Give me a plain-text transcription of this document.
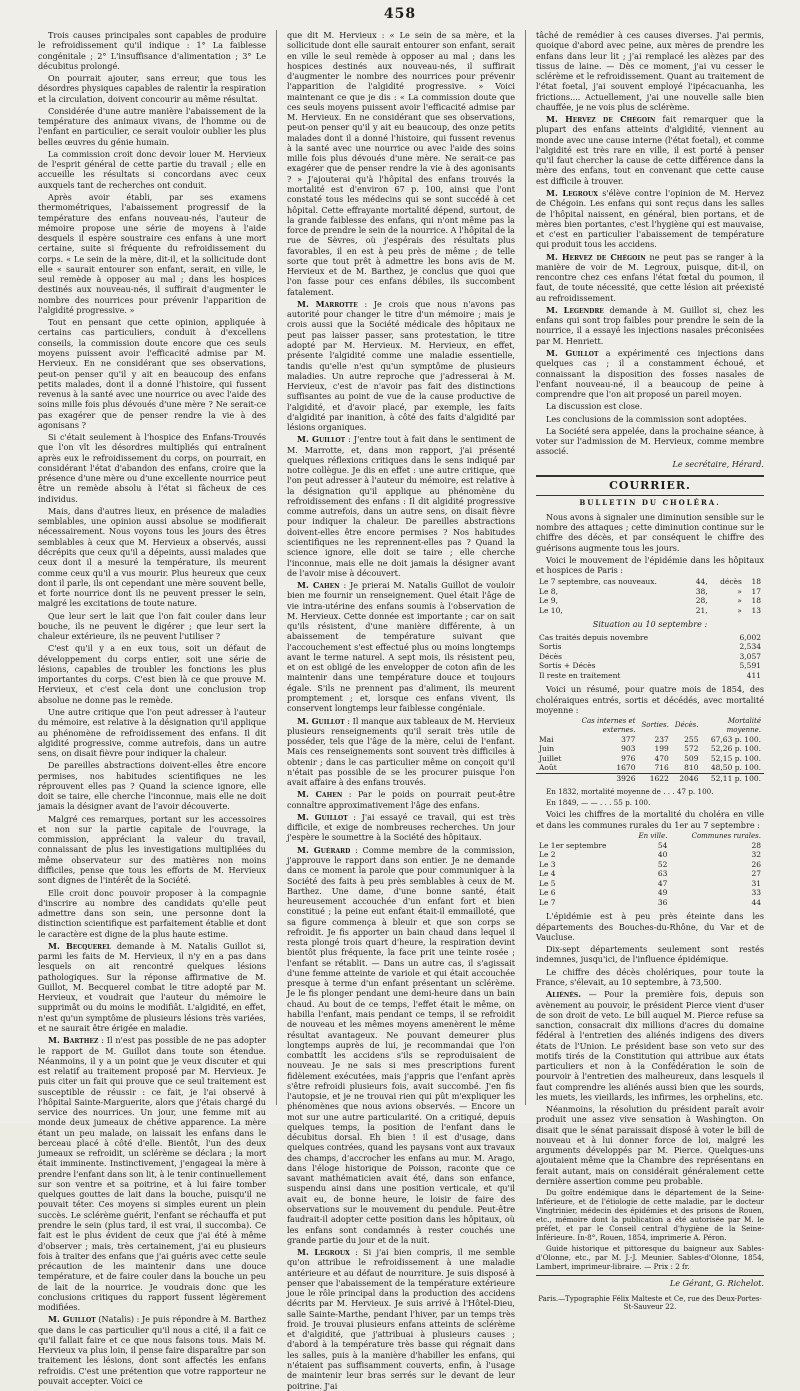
458

Trois causes principales sont capables de produire le refroidissement qu'il indique : 1° La faiblesse congénitale ; 2° L'insuffisance d'alimentation ; 3° Le décubitus prolongé.

On pourrait ajouter, sans erreur, que tous les désordres physiques capables de ralentir la respiration et la circulation, doivent concourir au même résultat.

Considérée d'une autre manière l'abaissement de la température des animaux vivans, de l'homme ou de l'enfant en particulier, ce serait vouloir oublier les plus belles œuvres du génie humain.

La commission croit donc devoir louer M. Hervieux de l'esprit général de cette partie du travail ; elle en accueille les résultats si concordans avec ceux auxquels tant de recherches ont conduit.

Après avoir établi, par ses examens thermométriques, l'abaissement progressif de la température des enfans nouveau-nés, l'auteur de mémoire propose une série de moyens à l'aide desquels il espère soustraire ces enfans à une mort certaine, suite si fréquente du refroidissement du corps. « Le sein de la mère, dit-il, et la sollicitude dont elle « saurait entourer son enfant, serait, en ville, le seul remède à opposer au mal ; dans les hospices destinés aux nouveau-nés, il suffirait d'augmenter le nombre des nourrices pour prévenir l'apparition de l'algidité progressive. »

Tout en pensant que cette opinion, appliquée à certains cas particuliers, conduit à d'excellens conseils, la commission doute encore que ces seuls moyens puissent avoir l'efficacité admise par M. Hervieux. En ne considérant que ses observations, peut-on penser qu'il y ait en beaucoup des enfans petits malades, dont il a donné l'histoire, qui fussent revenus à la santé avec une nourrice ou avec l'aide des soins mille fois plus dévoués d'une mère ? Ne serait-ce pas exagérer que de penser rendre la vie à des agonisans ?

Si c'était seulement à l'hospice des Enfans-Trouvés que l'on vît les désordres multipliés qui entraînent après eux le refroidissement du corps, on pourrait, en considérant l'état d'abandon des enfans, croire que la présence d'une mère ou d'une excellente nourrice peut être un remède absolu à l'état si fâcheux de ces individus.

Mais, dans d'autres lieux, en présence de maladies semblables, une opinion aussi absolue se modifierait nécessairement. Nous voyons tous les jours des êtres semblables à ceux que M. Hervieux a observés, aussi décrépits que ceux qu'il a dépeints, aussi malades que ceux dont il a mesuré la température, ils meurent comme ceux qu'il a vus mourir. Plus heureux que ceux dont il parle, ils ont cependant une mère souvent belle, et forte nourrice dont ils ne peuvent presser le sein, malgré les excitations de toute nature.

Que leur sert le lait que l'on fait couler dans leur bouche, ils ne peuvent le digérer ; que leur sert la chaleur extérieure, ils ne peuvent l'utiliser ?

C'est qu'il y a en eux tous, soit un défaut de développement du corps entier, soit une série de lésions, capables de troubler les fonctions les plus importantes du corps. C'est bien là ce que prouve M. Hervieux, et c'est cela dont une conclusion trop absolue ne donne pas le remède.

Une autre critique que l'on peut adresser à l'auteur du mémoire, est relative à la désignation qu'il applique au phénomène de refroidissement des enfans. Il dit algidité progressive, comme autrefois, dans un autre sens, on disait fièvre pour indiquer la chaleur.

De pareilles abstractions doivent-elles être encore permises, nos habitudes scientifiques ne les réprouvent elles pas ? Quand la science ignore, elle doit se taire, elle cherche l'inconnue, mais elle ne doit jamais la désigner avant de l'avoir découverte.

Malgré ces remarques, portant sur les accessoires et non sur la partie capitale de l'ouvrage, la commission, appréciant la valeur du travail, connaissant de plus les investigations multipliées du même observateur sur des matières non moins difficiles, pense que tous les efforts de M. Hervieux sont dignes de l'intérêt de la Société.

Elle croit donc pouvoir proposer à la compagnie d'inscrire au nombre des candidats qu'elle peut admettre dans son sein, une personne dont la distinction scientifique est parfaitement établie et dont le caractère est digne de la plus haute estime.

M. Becquerel demande à M. Natalis Guillot si, parmi les faits de M. Hervieux, il n'y en a pas dans lesquels on ait rencontré quelques lésions pathologiques. Sur la réponse affirmative de M. Guillot, M. Becquerel combat le titre adopté par M. Hervieux, et voudrait que l'auteur du mémoire le supprimât ou du moins le modifiât. L'algidité, en effet, n'est qu'un symptôme de plusieurs lésions très variées, et ne saurait être érigée en maladie.

M. Barthez : Il n'est pas possible de ne pas adopter le rapport de M. Guillot dans toute son étendue. Néanmoins, il y a un point que je veux discuter et qui est relatif au traitement proposé par M. Hervieux. Je puis citer un fait qui prouve que ce seul traitement est susceptible de réussir : ce fait, je l'ai observé à l'hôpital Sainte-Marguerite, alors que j'étais chargé du service des nourrices. Un jour, une femme mit au monde deux jumeaux de chétive apparence. La mère étant un peu malade, on laissait les enfans dans le berceau placé à côté d'elle. Bientôt, l'un des deux jumeaux se refroidit, un sclérème se déclara ; la mort était imminente. Instinctivement, j'engageai la mère à prendre l'enfant dans son lit, à le tenir continuellement sur son ventre et sa poitrine, et à lui faire tomber quelques gouttes de lait dans la bouche, puisqu'il ne pouvait téter. Ces moyens si simples eurent un plein succès. Le sclérème guérit, l'enfant se réchauffa et put prendre le sein (plus tard, il est vrai, il succomba). Ce fait est le plus évident de ceux que j'ai été à même d'observer ; mais, très certainement, j'ai eu plusieurs fois à traiter des enfans que j'ai guéris avec cette seule précaution de les maintenir dans une douce température, et de faire couler dans la bouche un peu de lait de la nourrice. Je voudrais donc que les conclusions critiques du rapport fussent légèrement modifiées.

M. Guillot (Natalis) : Je puis répondre à M. Barthez que dans le cas particulier qu'il nous a cité, il a fait ce qu'il fallait faire et ce que nous faisons tous. Mais M. Hervieux va plus loin, il pense faire disparaître par son traitement les lésions, dont sont affectés les enfans refroidis. C'est une prétention que votre rapporteur ne pouvait accepter. Voici ce

que dit M. Hervieux : « Le sein de sa mère, et la sollicitude dont elle saurait entourer son enfant, serait en ville le seul remède à opposer au mal ; dans les hospices destinés aux nouveau-nés, il suffirait d'augmenter le nombre des nourrices pour prévenir l'apparition de l'algidité progressive. » Voici maintenant ce que je dis : « La commission doute que ces seuls moyens puissent avoir l'efficacité admise par M. Hervieux. En ne considérant que ses observations, peut-on penser qu'il y ait eu beaucoup, des onze petits malades dont il a donné l'histoire, qui fussent revenus à la santé avec une nourrice ou avec l'aide des soins mille fois plus dévoués d'une mère. Ne serait-ce pas exagérer que de penser rendre la vie à des agonisants ? » J'ajouterai qu'à l'hôpital des enfans trouvés la mortalité est d'environ 67 p. 100, ainsi que l'ont constaté tous les médecins qui se sont succédé à cet hôpital. Cette effrayante mortalité dépend, surtout, de la grande faiblesse des enfans, qui n'ont même pas la force de prendre le sein de la nourrice. A l'hôpital de la rue de Sèvres, où j'espérais des résultats plus favorables, il en est à peu près de même ; de telle sorte que tout prêt à admettre les bons avis de M. Hervieux et de M. Barthez, je conclus que quoi que l'on fasse pour ces enfans débiles, ils succombent fatalement.

M. Marrotte : Je crois que nous n'avons pas autorité pour changer le titre d'un mémoire ; mais je crois aussi que la Société médicale des hôpitaux ne peut pas laisser passer, sans protestation, le titre adopté par M. Hervieux. M. Hervieux, en effet, présente l'algidité comme une maladie essentielle, tandis qu'elle n'est qu'un symptôme de plusieurs maladies. Un autre reproche que j'adresserai à M. Hervieux, c'est de n'avoir pas fait des distinctions suffisantes au point de vue de la cause productive de l'algidité, et d'avoir placé, par exemple, les faits d'algidité par inanition, à côté des faits d'algidité par lésions organiques.

M. Guillot : J'entre tout à fait dans le sentiment de M. Marrotte, et, dans mon rapport, j'ai présenté quelques réflexions critiques dans le sens indiqué par notre collègue. Je dis en effet : une autre critique, que l'on peut adresser à l'auteur du mémoire, est relative à la désignation qu'il applique au phénomène du refroidissement des enfans : Il dit algidité progressive comme autrefois, dans un autre sens, on disait fièvre pour indiquer la chaleur. De pareilles abstractions doivent-elles être encore permises ? Nos habitudes scientifiques ne les reprennent-elles pas ? Quand la science ignore, elle doit se taire ; elle cherche l'inconnue, mais elle ne doit jamais la désigner avant de l'avoir mise à découvert.

M. Cahen : Je prierai M. Natalis Guillot de vouloir bien me fournir un renseignement. Quel était l'âge de vie intra-utérine des enfans soumis à l'observation de M. Hervieux. Cette donnée est importante ; car on sait qu'ils résistent, d'une manière différente, à un abaissement de température suivant que l'accouchement s'est effectué plus ou moins longtemps avant le terme naturel. A sept mois, ils résistent peu, et on est obligé de les envelopper de coton afin de les maintenir dans une température douce et toujours égale. S'ils ne prennent pas d'aliment, ils meurent promptement ; et, lorsque ces enfans vivent, ils conservent longtemps leur faiblesse congéniale.

M. Guillot : Il manque aux tableaux de M. Hervieux plusieurs renseignements qu'il serait très utile de posséder, tels que l'âge de la mère, celui de l'enfant. Mais ces renseignements sont souvent très difficiles à obtenir ; dans le cas particulier même on conçoit qu'il n'était pas possible de se les procurer puisque l'on avait affaire à des enfans trouvés.

M. Cahen : Par le poids on pourrait peut-être connaître approximativement l'âge des enfans.

M. Guillot : J'ai essayé ce travail, qui est très difficile, et exige de nombreuses recherches. Un jour j'espère le soumettre à la Société des hôpitaux.

M. Guérard : Comme membre de la commission, j'approuve le rapport dans son entier. Je ne demande dans ce moment la parole que pour communiquer à la Société des faits à peu près semblables à ceux de M. Barthez. Une dame, d'une bonne santé, était heureusement accouchée d'un enfant fort et bien constitué ; la peine eut enfant était-il emmailloté, que sa figure commença à bleuir et que son corps se refroidit. Je fis apporter un bain chaud dans lequel il resta plongé trois quart d'heure, la respiration devint bientôt plus fréquente, la face prit une teinte rosée ; l'enfant se rétablit. — Dans un autre cas, il s'agissait d'une femme atteinte de variole et qui était accouchée presque à terme d'un enfant présentant un sclérème. Je le fis plonger pendant une demi-heure dans un bain chaud. Au bout de ce temps, l'effet était le même, on habilla l'enfant, mais pendant ce temps, il se refroidit de nouveau et les mêmes moyens amenèrent le même résultat avantageux. Ne pouvant demeurer plus longtemps auprès de lui, je recommandai que l'on combattît les accidens s'ils se reproduisaient de nouveau. Je ne sais si mes prescriptions furent fidèlement exécutées, mais j'appris que l'enfant après s'être refroidi plusieurs fois, avait succombé. J'en fis l'autopsie, et je ne trouvai rien qui pût m'expliquer les phénomènes que nous avions observés. — Encore un mot sur une autre particularité. On a critiqué, depuis quelques temps, la position de l'enfant dans le décubitus dorsal. Eh bien ! il est d'usage, dans quelques contrées, quand les paysans vont aux travaux des champs, d'accrocher les enfans au mur. M. Arago, dans l'éloge historique de Poisson, raconte que ce savant mathématicien avait été, dans son enfance, suspendu ainsi dans une position verticale, et qu'il avait eu, de bonne heure, le loisir de faire des observations sur le mouvement du pendule. Peut-être faudrait-il adopter cette position dans les hôpitaux, où les enfans sont condamnés à rester couchés une grande partie du jour et de la nuit.

M. Legroux : Si j'ai bien compris, il me semble qu'on attribue le refroidissement à une maladie antérieure et au défaut de nourriture. Je suis disposé à penser que l'abaissement de la température extérieure joue le rôle principal dans la production des accidens décrits par M. Hervieux. Je suis arrivé à l'Hôtel-Dieu, salle Sainte-Marthe, pendant l'hiver, par un temps très froid. Je trouvai plusieurs enfans atteints de sclérème et d'algidité, que j'attribuai à plusieurs causes ; d'abord à la température très basse qui régnait dans les salles, puis à la manière d'habiller les enfans, qui n'étaient pas suffisamment couverts, enfin, à l'usage de maintenir leur bras serrés sur le devant de leur poitrine. J'ai

tâché de remédier à ces causes diverses. J'ai permis, quoique d'abord avec peine, aux mères de prendre les enfans dans leur lit ; j'ai remplacé les alèzes par des tissus de laine. — Dès ce moment, j'ai vu cesser le sclérème et le refroidissement. Quant au traitement de l'état foetal, j'ai souvent employé l'ipécacuanha, les frictions.... Actuellement, j'ai une nouvelle salle bien chauffée, je ne vois plus de sclérème.

M. Hervez de Chégoin fait remarquer que la plupart des enfans atteints d'algidité, viennent au monde avec une cause interne (l'état foetal), et comme l'algidité est très rare en ville, il est porté à penser qu'il faut chercher la cause de cette différence dans la mère des enfans, tout en convenant que cette cause est difficile à trouver.

M. Legroux s'élève contre l'opinion de M. Hervez de Chégoin. Les enfans qui sont reçus dans les salles de l'hôpital naissent, en général, bien portans, et de mères bien portantes, c'est l'hygiène qui est mauvaise, et c'est en particulier l'abaissement de température qui produit tous les accidens.

M. Hervez de Chégoin ne peut pas se ranger à la manière de voir de M. Legroux, puisque, dit-il, on rencontre chez ces enfans l'état fœtal du poumon, il faut, de toute nécessité, que cette lésion ait préexisté au refroidissement.

M. Legendre demande à M. Guillot si, chez les enfans qui sont trop faibles pour prendre le sein de la nourrice, il a essayé les injections nasales préconisées par M. Henriett.

M. Guillot a expérimenté ces injections dans quelques cas ; il a constamment échoué, et connaissant la disposition des fosses nasales de l'enfant nouveau-né, il a beaucoup de peine à comprendre que l'on ait proposé un pareil moyen.

La discussion est close.

Les conclusions de la commission sont adoptées.

La Société sera appelée, dans la prochaine séance, à voter sur l'admission de M. Hervieux, comme membre associé.

Le secrétaire, Hérard.
COURRIER.
BULLETIN DU CHOLÉRA.

Nous avons à signaler une diminution sensible sur le nombre des attaques ; cette diminution continue sur le chiffre des décès, et par conséquent le chiffre des guérisons augmente tous les jours.

Voici le mouvement de l'épidémie dans les hôpitaux et hospices de Paris :

Le 7 septembre, cas nouveaux.	44,	décès	18
Le 8,	38,	»	17
Le 9,	28,	»	18
Le 10,	21,	»	13
Situation au 10 septembre :
Cas traités depuis novembre	6,002
Sortis	2,534
Décès	3,057
Sortis + Décès	5,591
Il reste en traitement	411

Voici un résumé, pour quatre mois de 1854, des choléraiques entrés, sortis et décédés, avec mortalité moyenne :

	Cas internes et externes.	Sorties.	Décès.	Mortalité moyenne.
Mai	377	237	255	67,63 p. 100.
Juin	903	199	572	52,26 p. 100.
Juillet	976	470	509	52,15 p. 100.
Août	1670	716	810	48,50 p. 100.
	3926	1622	2046	52,11 p. 100.

En 1832, mortalité moyenne de . . . 47 p. 100.

En 1849, — — . . . 55 p. 100.

Voici les chiffres de la mortalité du choléra en ville et dans les communes rurales du 1er au 7 septembre :

	En ville.	Communes rurales.
Le 1er septembre	54	28
Le 2	40	32
Le 3	52	26
Le 4	63	27
Le 5	47	31
Le 6	49	33
Le 7	36	44

L'épidémie est à peu près éteinte dans les départements des Bouches-du-Rhône, du Var et de Vaucluse.

Dix-sept départements seulement sont restés indemnes, jusqu'ici, de l'influence épidémique.

Le chiffre des décès cholériques, pour toute la France, s'élevait, au 10 septembre, à 73,500.

Aliénés. — Pour la première fois, depuis son avènement au pouvoir, le président Pierce vient d'user de son droit de veto. Le bill auquel M. Pierce refuse sa sanction, consacrait dix millions d'acres du domaine fédéral à l'entretien des aliénés indigens des divers états de l'Union. Le président base son veto sur des motifs tirés de la Constitution qui attribue aux états particuliers et non à la Confédération le soin de pourvoir à l'entretien des malheureux, dans lesquels il faut comprendre les aliénés aussi bien que les sourds, les muets, les vieillards, les infirmes, les orphelins, etc.

Néanmoins, la résolution du président paraît avoir produit une assez vive sensation à Washington. On disait que le sénat paraissait disposé à voter le bill de nouveau et à lui donner force de loi, malgré les arguments développés par M. Pierce. Quelques-uns ajoutaient même que la Chambre des représentans en ferait autant, mais on considérait généralement cette dernière assertion comme peu probable.

Du goître endémique dans le département de la Seine-Inférieure, et de l'étiologie de cette maladie, par le docteur Vingtrinier, médecin des épidémies et des prisons de Rouen, etc., mémoire dont la publication a été autorisée par M. le préfet, et par le Conseil central d'hygiène de la Seine-Inférieure. In-8°, Rouen, 1854, imprimerie A. Péron.

Guide historique et pittoresque du baigneur aux Sables-d'Olonne, etc., par M. J.-J. Meunier. Sables-d'Olonne, 1854, Lambert, imprimeur-libraire. — Prix : 2 fr.

Le Gérant, G. Richelot.
Paris.—Typographie Félix Malteste et Ce, rue des Deux-Portes-St-Sauveur 22.
